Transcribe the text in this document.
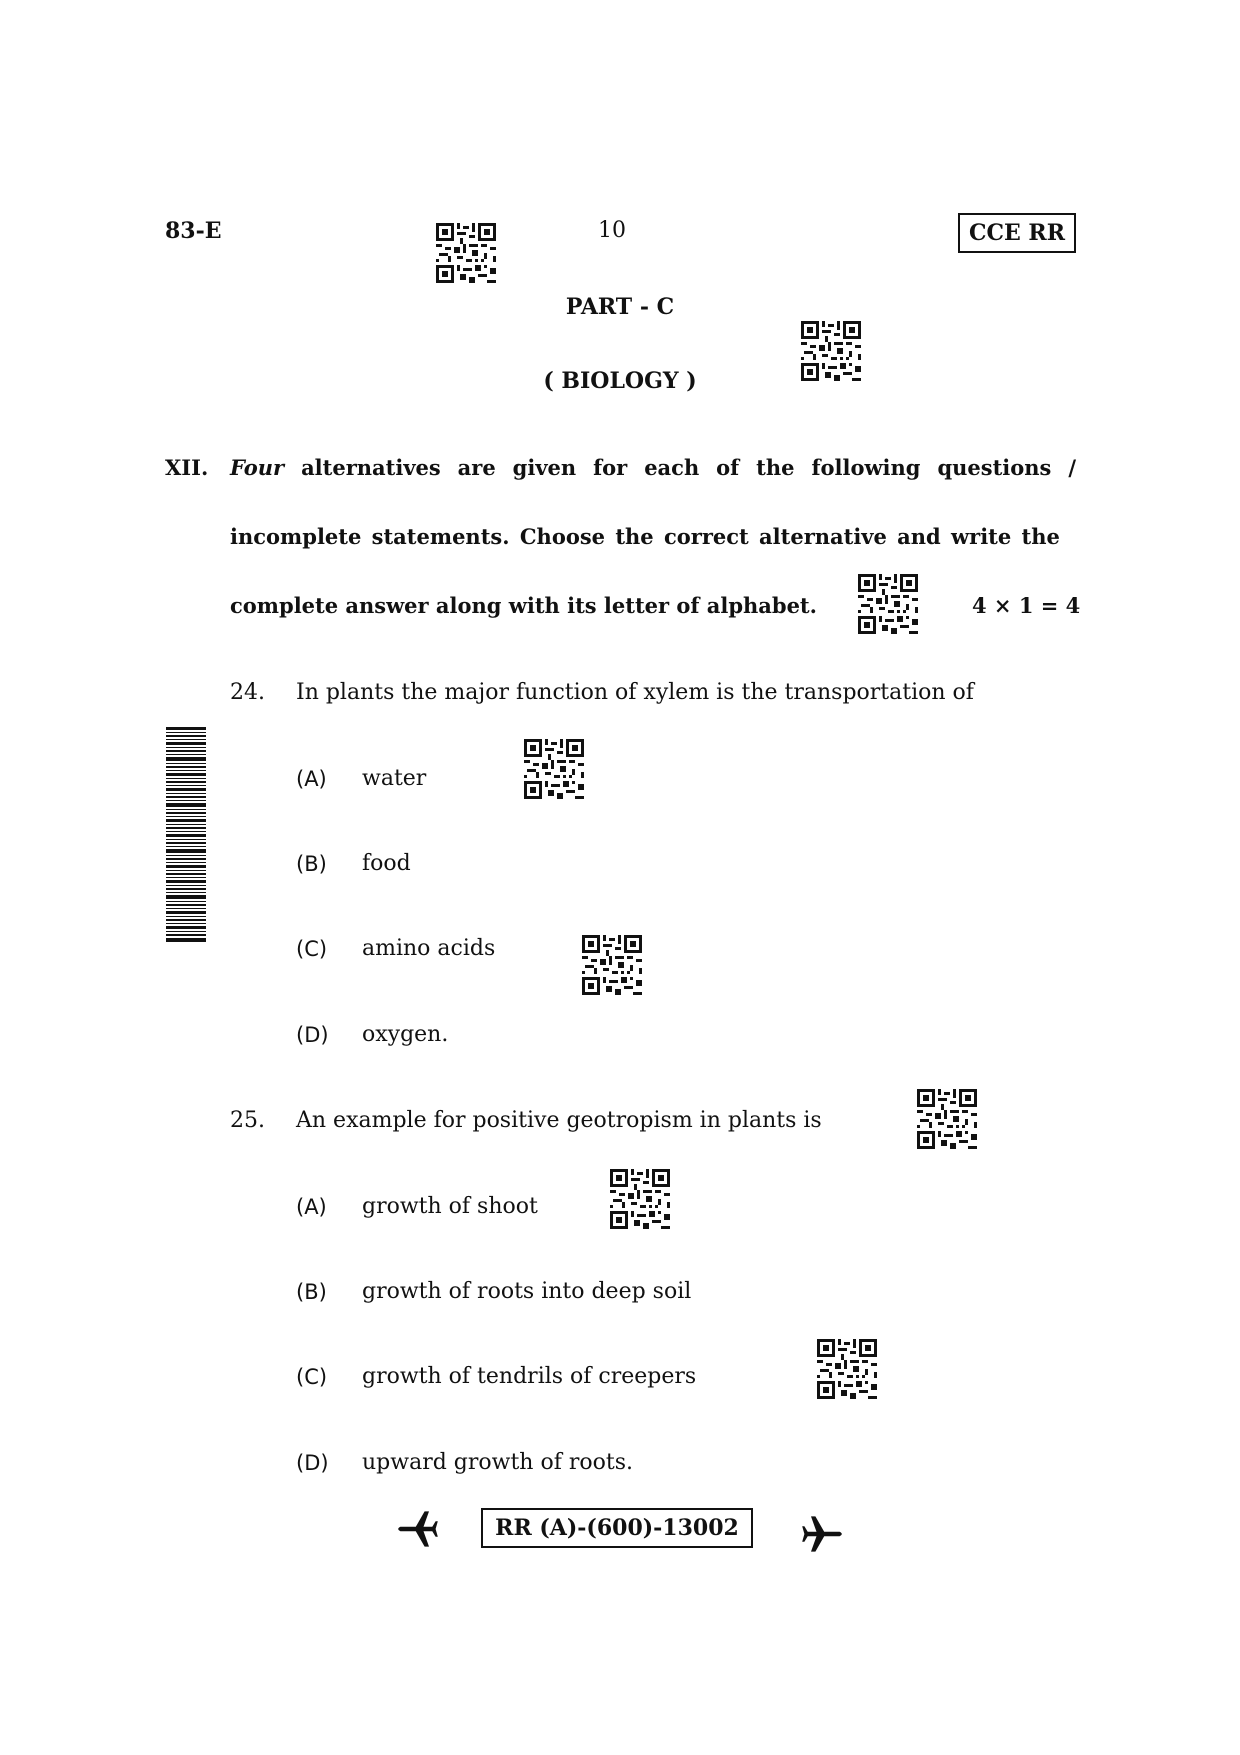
83-E	10	CCE RR
PART - C
( BIOLOGY )
XII. Four alternatives are given for each of the following questions /
incomplete statements. Choose the correct alternative and write the
complete answer along with its letter of alphabet.	4 × 1 = 4
24. In plants the major function of xylem is the transportation of
(A) water
(B) food
(C) amino acids
(D) oxygen.
25. An example for positive geotropism in plants is
(A) growth of shoot
(B) growth of roots into deep soil
(C) growth of tendrils of creepers
(D) upward growth of roots.
RR (A)-(600)-13002
